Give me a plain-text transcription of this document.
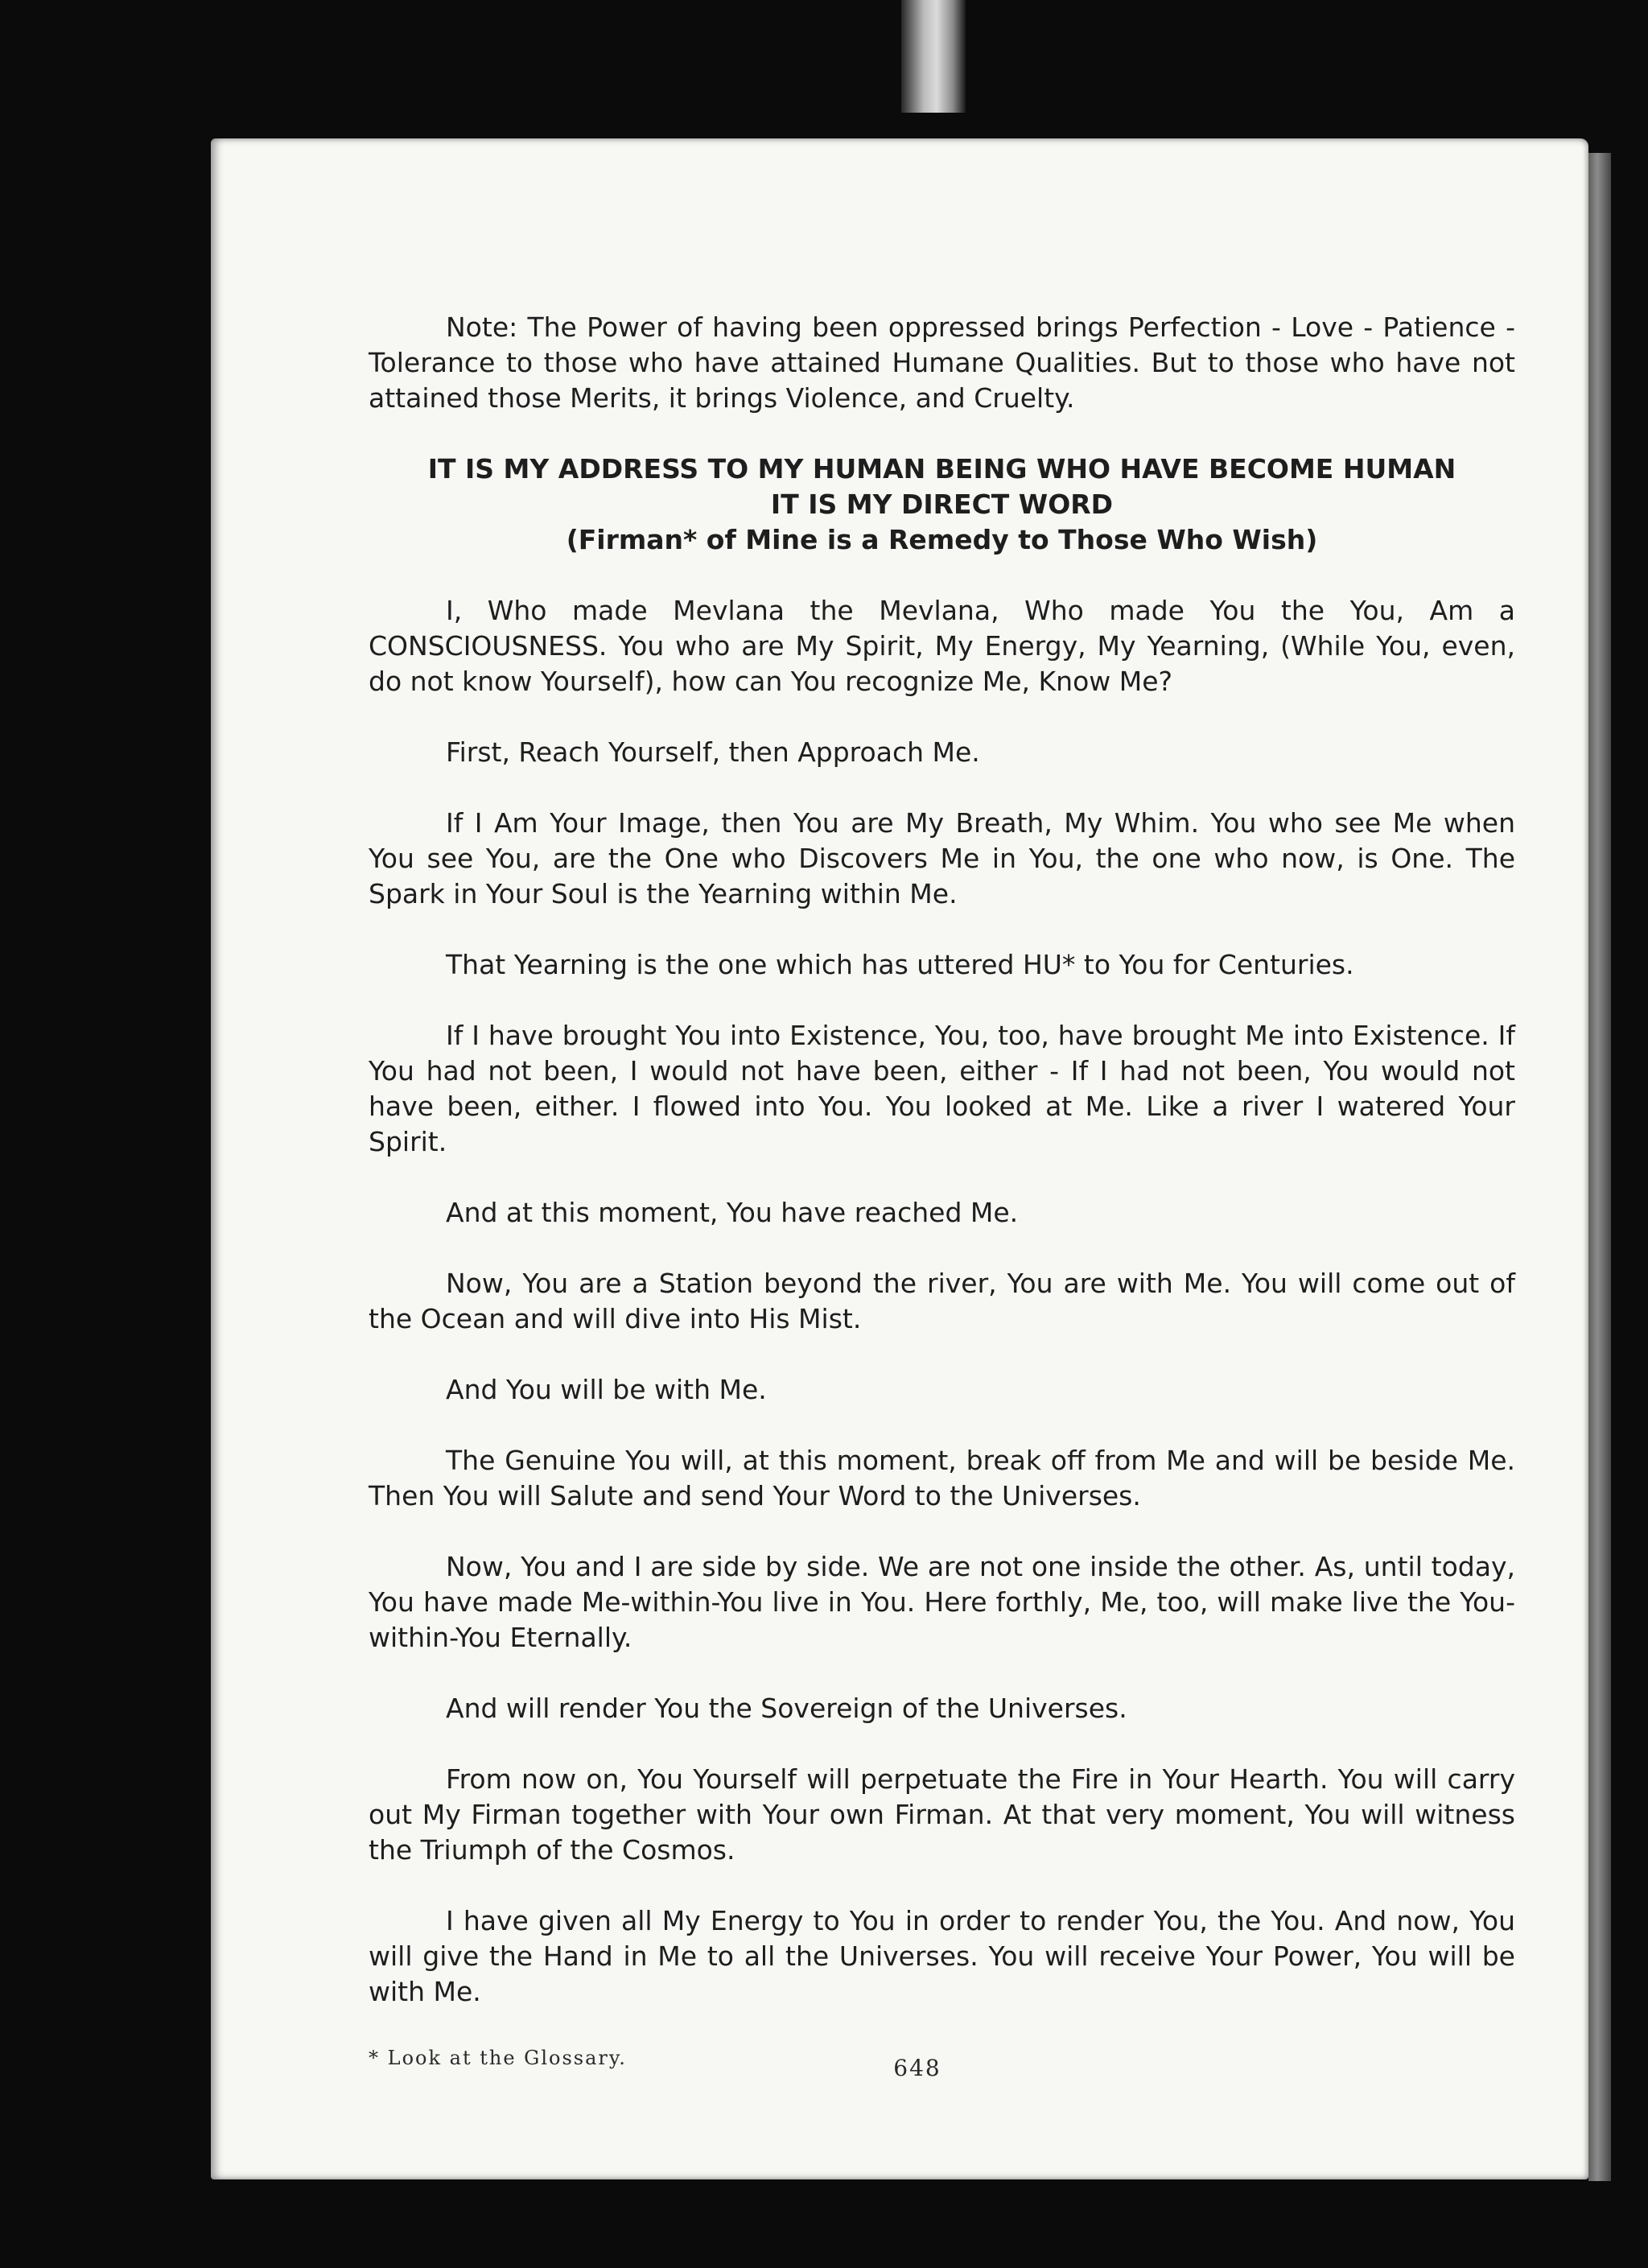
Note: The Power of having been oppressed brings Perfection - Love - Patience - Tolerance to those who have attained Humane Qualities. But to those who have not attained those Merits, it brings Violence, and Cruelty.

IT IS MY ADDRESS TO MY HUMAN BEING WHO HAVE BECOME HUMAN
IT IS MY DIRECT WORD
(Firman* of Mine is a Remedy to Those Who Wish)

I, Who made Mevlana the Mevlana, Who made You the You, Am a CONSCIOUSNESS. You who are My Spirit, My Energy, My Yearning, (While You, even, do not know Yourself), how can You recognize Me, Know Me?

First, Reach Yourself, then Approach Me.

If I Am Your Image, then You are My Breath, My Whim. You who see Me when You see You, are the One who Discovers Me in You, the one who now, is One. The Spark in Your Soul is the Yearning within Me.

That Yearning is the one which has uttered HU* to You for Centuries.

If I have brought You into Existence, You, too, have brought Me into Existence. If You had not been, I would not have been, either - If I had not been, You would not have been, either. I flowed into You. You looked at Me. Like a river I watered Your Spirit.

And at this moment, You have reached Me.

Now, You are a Station beyond the river, You are with Me. You will come out of the Ocean and will dive into His Mist.

And You will be with Me.

The Genuine You will, at this moment, break off from Me and will be beside Me. Then You will Salute and send Your Word to the Universes.

Now, You and I are side by side. We are not one inside the other. As, until today, You have made Me-within-You live in You. Here forthly, Me, too, will make live the You-within-You Eternally.

And will render You the Sovereign of the Universes.

From now on, You Yourself will perpetuate the Fire in Your Hearth. You will carry out My Firman together with Your own Firman. At that very moment, You will witness the Triumph of the Cosmos.

I have given all My Energy to You in order to render You, the You. And now, You will give the Hand in Me to all the Universes. You will receive Your Power, You will be with Me.

* Look at the Glossary.	648
